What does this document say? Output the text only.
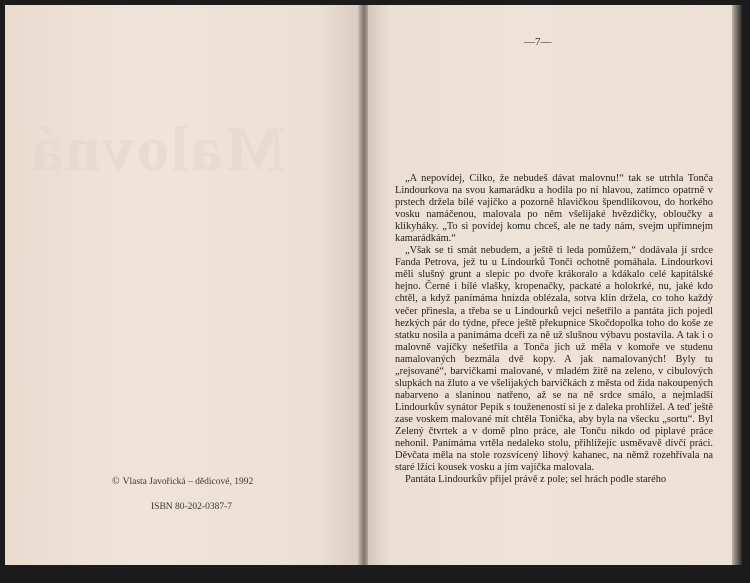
Malovná
© Vlasta Javořická – dědicové, 1992
ISBN 80-202-0387-7
—7—

„A nepovídej, Cilko, že nebudeš dávat malovnu!“ tak se utrhla Tonča Lindourkova na svou kamarádku a hodila po ní hlavou, zatímco opatrně v prstech držela bílé vajíčko a pozorně hlavičkou špendlíkovou, do horkého vosku namáčenou, malovala po něm všelijaké hvězdičky, obloučky a klikyháky. „To si povídej komu chceš, ale ne tady nám, svejm upřímnejm kamarádkám.“

„Však se ti smát nebudem, a ještě ti leda pomůžem,“ dodávala jí srdce Fanda Petrova, jež tu u Lindourků Tonči ochotně pomáhala. Lindourkovi měli slušný grunt a slepic po dvoře krákoralo a kdákalo celé kapitálské hejno. Černé i bílé vlašky, kropenačky, packaté a holokrké, nu, jaké kdo chtěl, a když panímáma hnízda oblézala, sotva klín držela, co toho každý večer přinesla, a třeba se u Lindourků vejci nešetřilo a pantáta jich pojedl hezkých pár do týdne, přece ještě překupnice Skočdopolka toho do koše ze statku nosila a panímáma dceři za ně už slušnou výbavu postavila. A tak i o malovně vajíčky nešetřila a Tonča jich už měla v komoře ve studenu namalovaných bezmála dvě kopy. A jak namalovaných! Byly tu „rejsované“, barvičkami malované, v mladém žitě na zeleno, v cibulových slupkách na žluto a ve všelijakých barvičkách z města od žida nakoupených nabarveno a slaninou natřeno, až se na ně srdce smálo, a nejmladší Lindourkův synátor Pepík s touženeností si je z daleka prohlížel. A teď ještě zase voskem malované mít chtěla Tonička, aby byla na všecku „sortu“. Byl Zelený čtvrtek a v domě plno práce, ale Tonču nikdo od piplavé práce nehonil. Panímáma vrtěla nedaleko stolu, přihlížejíc usměvavě dívčí práci. Děvčata měla na stole rozsvícený lihový kahanec, na němž rozehřívala na staré lžíci kousek vosku a jím vajíčka malovala.

Pantáta Lindourkův přijel právě z pole; sel hrách podle starého
